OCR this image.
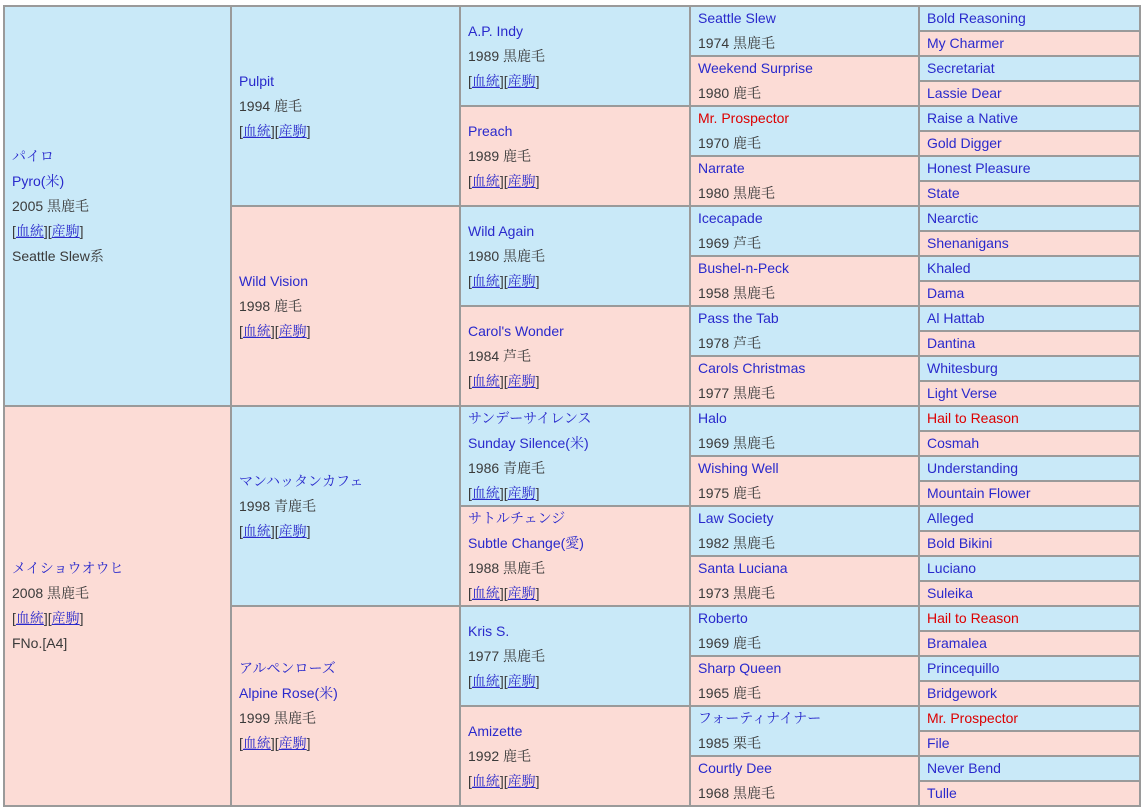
パイロ
Pyro(米)
2005 黒鹿毛
[血統][産駒]
Seattle Slew系
メイショウオウヒ
2008 黒鹿毛
[血統][産駒]
FNo.[A4]
Pulpit
1994 鹿毛
[血統][産駒]
Wild Vision
1998 鹿毛
[血統][産駒]
マンハッタンカフェ
1998 青鹿毛
[血統][産駒]
アルペンローズ
Alpine Rose(米)
1999 黒鹿毛
[血統][産駒]
A.P. Indy
1989 黒鹿毛
[血統][産駒]
Preach
1989 鹿毛
[血統][産駒]
Wild Again
1980 黒鹿毛
[血統][産駒]
Carol's Wonder
1984 芦毛
[血統][産駒]
サンデーサイレンス
Sunday Silence(米)
1986 青鹿毛
[血統][産駒]
サトルチェンジ
Subtle Change(愛)
1988 黒鹿毛
[血統][産駒]
Kris S.
1977 黒鹿毛
[血統][産駒]
Amizette
1992 鹿毛
[血統][産駒]
Seattle Slew
1974 黒鹿毛
Weekend Surprise
1980 鹿毛
Mr. Prospector
1970 鹿毛
Narrate
1980 黒鹿毛
Icecapade
1969 芦毛
Bushel-n-Peck
1958 黒鹿毛
Pass the Tab
1978 芦毛
Carols Christmas
1977 黒鹿毛
Halo
1969 黒鹿毛
Wishing Well
1975 鹿毛
Law Society
1982 黒鹿毛
Santa Luciana
1973 黒鹿毛
Roberto
1969 鹿毛
Sharp Queen
1965 鹿毛
フォーティナイナー
1985 栗毛
Courtly Dee
1968 黒鹿毛
Bold Reasoning
My Charmer
Secretariat
Lassie Dear
Raise a Native
Gold Digger
Honest Pleasure
State
Nearctic
Shenanigans
Khaled
Dama
Al Hattab
Dantina
Whitesburg
Light Verse
Hail to Reason
Cosmah
Understanding
Mountain Flower
Alleged
Bold Bikini
Luciano
Suleika
Hail to Reason
Bramalea
Princequillo
Bridgework
Mr. Prospector
File
Never Bend
Tulle
